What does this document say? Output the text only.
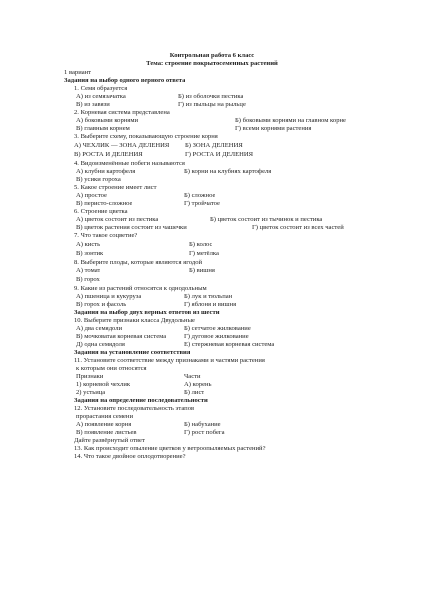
Контрольная работа 6 класс
Тема: строение покрытосеменных растений
1 вариант
Задания на выбор одного верного ответа
1. Семя образуется
А) из семязачатка	Б) из оболочки пестика
В) из завязи	Г) из пыльцы на рыльце
2. Корневая система представлена
А) боковыми корнями	Б) боковыми корнями на главном корне
В) главным корнем	Г) всеми корнями растения
3. Выберите схему, показывающую строение корня
А) ЧЕХЛИК — ЗОНА ДЕЛЕНИЯ Б) ЗОНА ДЕЛЕНИЯ
В) РОСТА И ДЕЛЕНИЯ	Г) РОСТА И ДЕЛЕНИЯ
4. Видоизменённые побеги называются
А) клубни картофеля	Б) корни на клубнях картофеля
В) усики гороха
5. Какое строение имеет лист
А) простое	Б) сложное
В) перисто-сложное	Г) тройчатое
6. Строение цветка
А) цветок состоит из пестика	Б) цветок состоит из тычинок и пестика
В) цветок растения состоит из чашечки	Г) цветок состоит из всех частей
7. Что такое соцветие?
А) кисть	Б) колос
В) зонтик	Г) метёлка
8. Выберите плоды, которые являются ягодой
А) томат	Б) вишня
В) горох
9. Какие из растений относятся к однодольным
А) пшеница и кукуруза	Б) лук и тюльпан
В) горох и фасоль	Г) яблоня и вишня
Задания на выбор двух верных ответов из шести
10. Выберите признаки класса Двудольные
А) два семядоли	Б) сетчатое жилкование
В) мочковатая корневая система	Г) дуговое жилкование
Д) одна семядоля	Е) стержневая корневая система
Задания на установление соответствия
11. Установите соответствие между признаками и частями растения
к которым они относятся
Признаки	Части
1) корневой чехлик	А) корень
2) устьица	Б) лист
Задания на определение последовательности
12. Установите последовательность этапов
прорастания семени
А) появление корня	Б) набухание
В) появление листьев	Г) рост побега
Дайте развёрнутый ответ
13. Как происходит опыление цветков у ветроопыляемых растений?
14. Что такое двойное оплодотворение?
